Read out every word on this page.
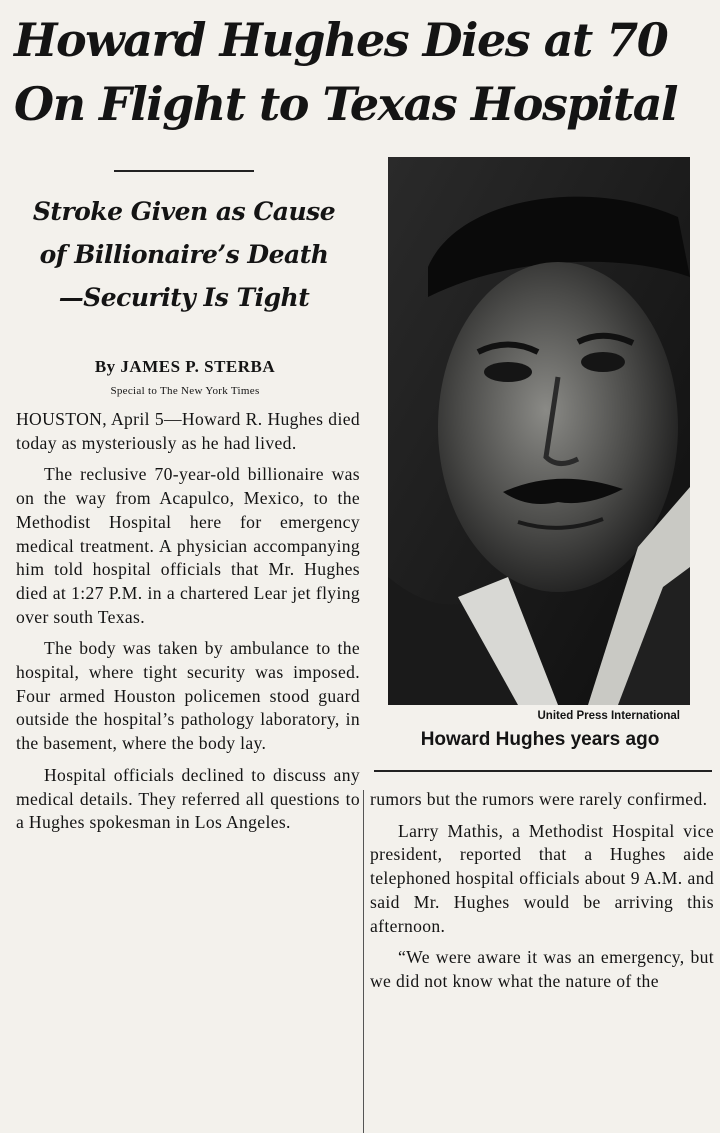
Howard Hughes Dies at 70
On Flight to Texas Hospital
Stroke Given as Cause
of Billionaire’s Death
—Security Is Tight
By JAMES P. STERBA
Special to The New York Times

HOUSTON, April 5—Howard R. Hughes died today as mysteriously as he had lived.

The reclusive 70-year-old billionaire was on the way from Acapulco, Mexico, to the Methodist Hospital here for emergency medical treatment. A physician accompanying him told hospital officials that Mr. Hughes died at 1:27 P.M. in a chartered Lear jet flying over south Texas.

The body was taken by ambulance to the hospital, where tight security was imposed. Four armed Houston policemen stood guard outside the hospital’s pathology laboratory, in the basement, where the body lay.

Hospital officials declined to discuss any medical details. They referred all questions to a Hughes spokesman in Los Angeles.

United Press International
Howard Hughes years ago

rumors but the rumors were rarely confirmed.

Larry Mathis, a Methodist Hospital vice president, reported that a Hughes aide telephoned hospital officials about 9 A.M. and said Mr. Hughes would be arriving this afternoon.

“We were aware it was an emergency, but we did not know what the nature of the
